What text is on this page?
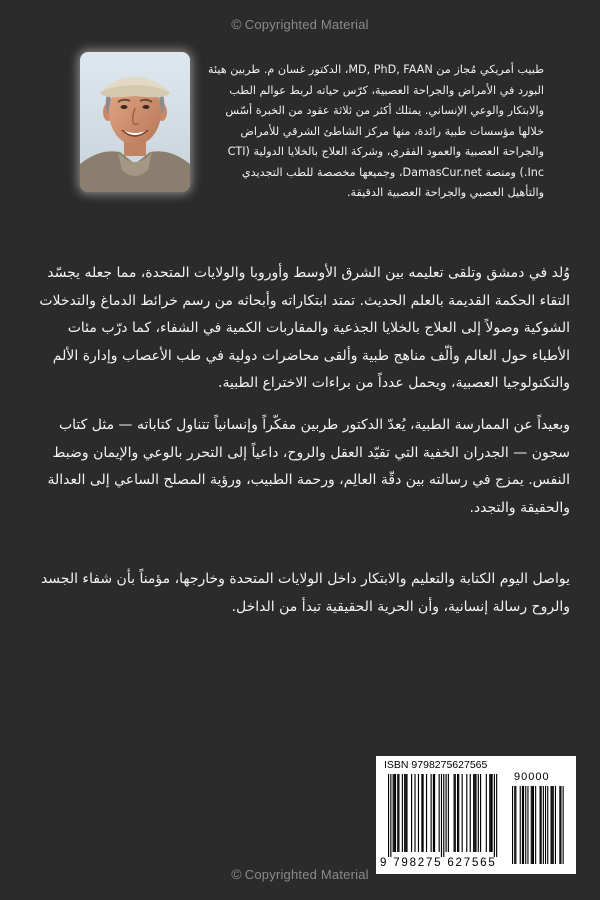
© Copyrighted Material
طبيب أمريكي مُجاز من MD, PhD, FAAN، الدكتور غسان م. طربين هيئة البورد في الأمراض والجراحة العصبية، كرّس حياته لربط عوالم الطب والابتكار والوعي الإنساني. يمتلك أكثر من ثلاثة عقود من الخبرة أسّس خلالها مؤسسات طبية رائدة، منها مركز الشاطئ الشرقي للأمراض والجراحة العصبية والعمود الفقري، وشركة العلاج بالخلايا الدولية (CTI Inc.) ومنصة DamasCur.net، وجميعها مخصصة للطب التجديدي والتأهيل العصبي والجراحة العصبية الدقيقة.
وُلد في دمشق وتلقى تعليمه بين الشرق الأوسط وأوروبا والولايات المتحدة، مما جعله يجسّد التقاء الحكمة القديمة بالعلم الحديث. تمتد ابتكاراته وأبحاثه من رسم خرائط الدماغ والتدخلات الشوكية وصولاً إلى العلاج بالخلايا الجذعية والمقاربات الكمية في الشفاء، كما درّب مئات الأطباء حول العالم وألّف مناهج طبية وألقى محاضرات دولية في طب الأعصاب وإدارة الألم والتكنولوجيا العصبية، ويحمل عدداً من براءات الاختراع الطبية.
وبعيداً عن الممارسة الطبية، يُعدّ الدكتور طربين مفكّراً وإنسانياً تتناول كتاباته — مثل كتاب سجون — الجدران الخفية التي تقيّد العقل والروح، داعياً إلى التحرر بالوعي والإيمان وضبط النفس. يمزج في رسالته بين دقّة العالِم، ورحمة الطبيب، ورؤية المصلح الساعي إلى العدالة والحقيقة والتجدد.
يواصل اليوم الكتابة والتعليم والابتكار داخل الولايات المتحدة وخارجها، مؤمناً بأن شفاء الجسد والروح رسالة إنسانية، وأن الحرية الحقيقية تبدأ من الداخل.
ISBN 9798275627565
90000
9 798275 627565
© Copyrighted Material
